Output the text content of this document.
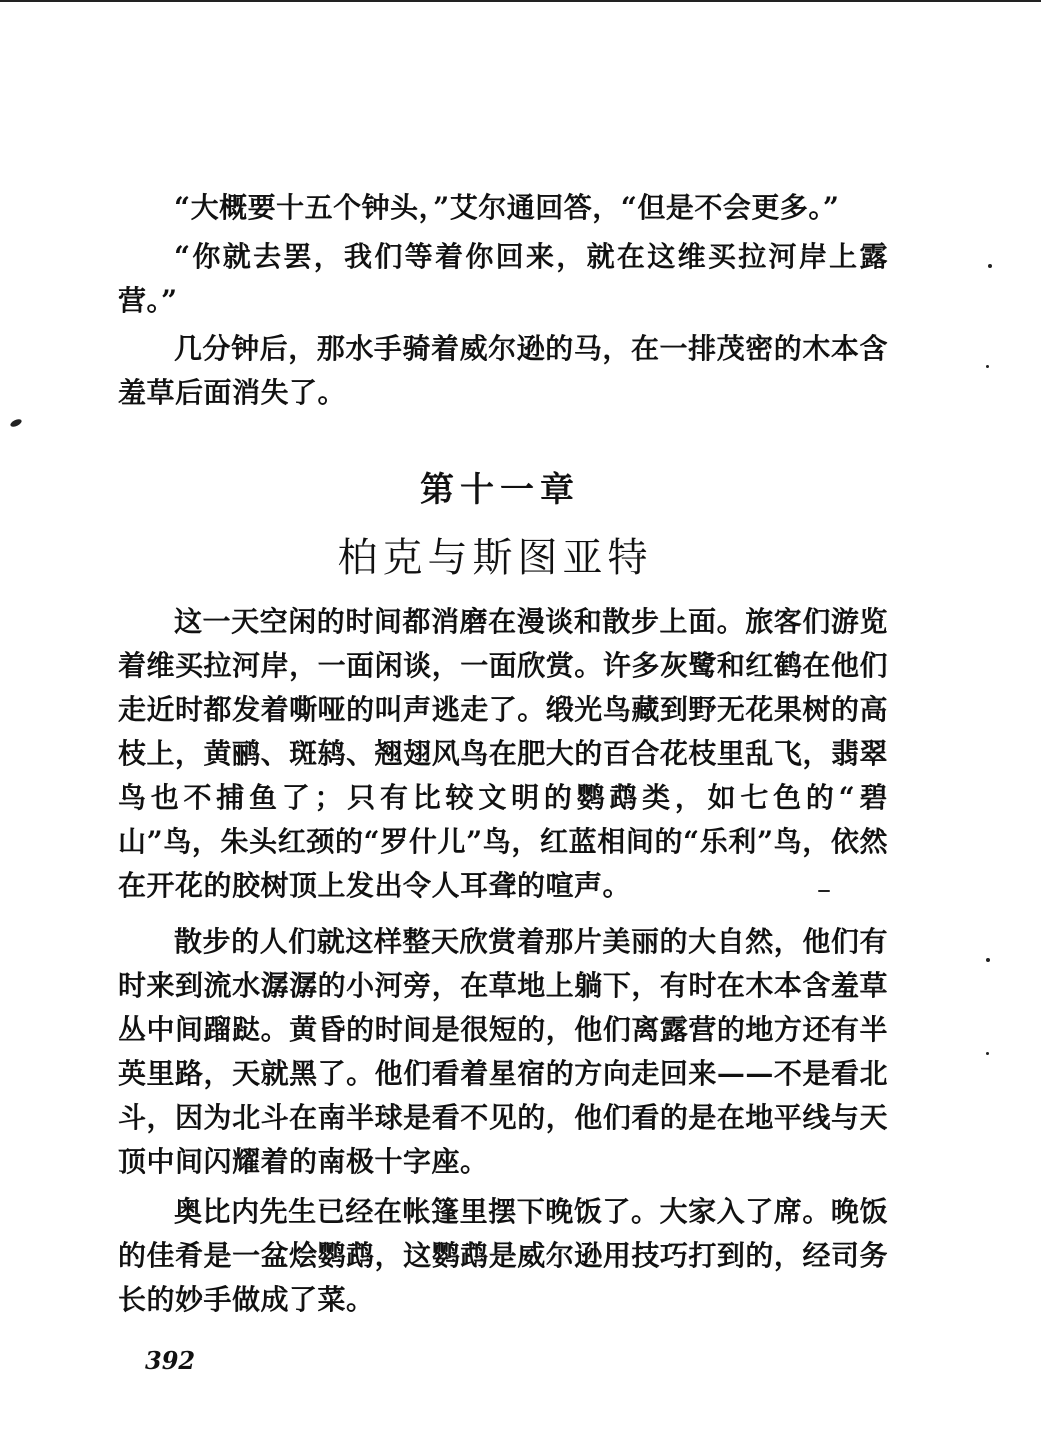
“大概要十五个钟头，”艾尔通回答，“但是不会更多。”

“你就去罢，我们等着你回来，就在这维买拉河岸上露营。”

几分钟后，那水手骑着威尔逊的马，在一排茂密的木本含羞草后面消失了。

第十一章
柏克与斯图亚特

这一天空闲的时间都消磨在漫谈和散步上面。旅客们游览着维买拉河岸，一面闲谈，一面欣赏。许多灰鹭和红鹤在他们走近时都发着嘶哑的叫声逃走了。缎光鸟藏到野无花果树的高枝上，黄鹂、斑鸫、翘翅风鸟在肥大的百合花枝里乱飞，翡翠鸟也不捕鱼了；只有比较文明的鹦鹉类，如七色的“碧山”鸟，朱头红颈的“罗什儿”鸟，红蓝相间的“乐利”鸟，依然在开花的胶树顶上发出令人耳聋的喧声。

散步的人们就这样整天欣赏着那片美丽的大自然，他们有时来到流水潺潺的小河旁，在草地上躺下，有时在木本含羞草丛中间蹓跶。黄昏的时间是很短的，他们离露营的地方还有半英里路，天就黑了。他们看着星宿的方向走回来——不是看北斗，因为北斗在南半球是看不见的，他们看的是在地平线与天顶中间闪耀着的南极十字座。

奥比内先生已经在帐篷里摆下晚饭了。大家入了席。晚饭的佳肴是一盆烩鹦鹉，这鹦鹉是威尔逊用技巧打到的，经司务长的妙手做成了菜。

392
